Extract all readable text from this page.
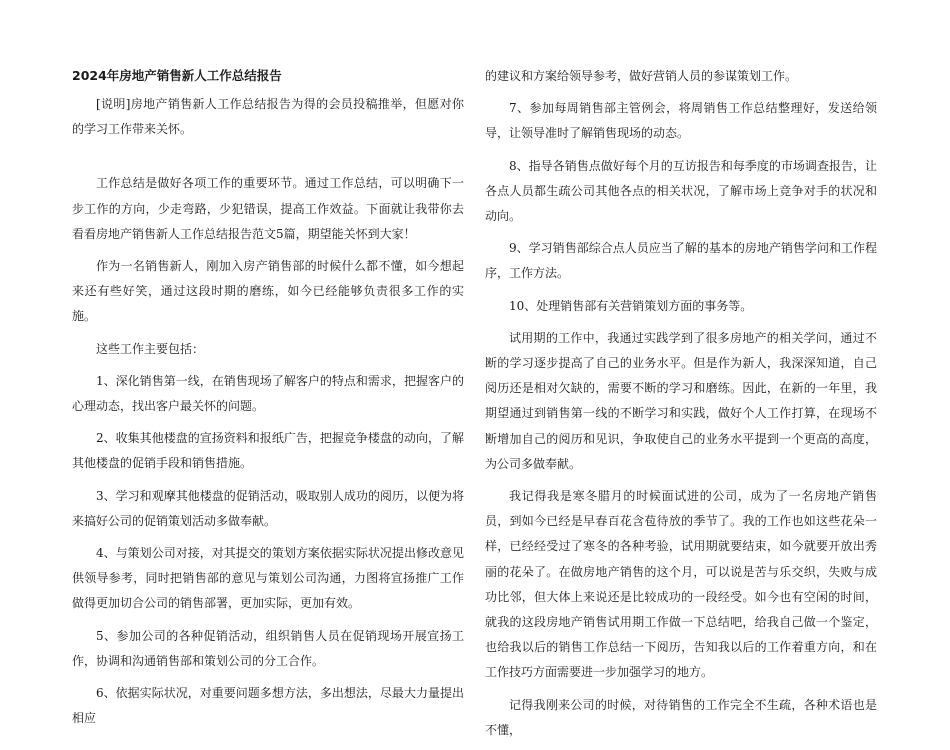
2024年房地产销售新人工作总结报告

[说明]房地产销售新人工作总结报告为得的会员投稿推举，但愿对你的学习工作带来关怀。

工作总结是做好各项工作的重要环节。通过工作总结，可以明确下一步工作的方向，少走弯路，少犯错误，提高工作效益。下面就让我带你去看看房地产销售新人工作总结报告范文5篇，期望能关怀到大家！

作为一名销售新人，刚加入房产销售部的时候什么都不懂，如今想起来还有些好笑，通过这段时期的磨练，如今已经能够负责很多工作的实施。

这些工作主要包括：

1、深化销售第一线，在销售现场了解客户的特点和需求，把握客户的心理动态，找出客户最关怀的问题。

2、收集其他楼盘的宣扬资料和报纸广告，把握竞争楼盘的动向，了解其他楼盘的促销手段和销售措施。

3、学习和观摩其他楼盘的促销活动，吸取别人成功的阅历，以便为将来搞好公司的促销策划活动多做奉献。

4、与策划公司对接，对其提交的策划方案依据实际状况提出修改意见供领导参考，同时把销售部的意见与策划公司沟通，力图将宣扬推广工作做得更加切合公司的销售部署，更加实际，更加有效。

5、参加公司的各种促销活动，组织销售人员在促销现场开展宣扬工作，协调和沟通销售部和策划公司的分工合作。

6、依据实际状况，对重要问题多想方法，多出想法，尽最大力量提出相应

的建议和方案给领导参考，做好营销人员的参谋策划工作。

7、参加每周销售部主管例会，将周销售工作总结整理好，发送给领导，让领导准时了解销售现场的动态。

8、指导各销售点做好每个月的互访报告和每季度的市场调查报告，让各点人员都生疏公司其他各点的相关状况，了解市场上竞争对手的状况和动向。

9、学习销售部综合点人员应当了解的基本的房地产销售学问和工作程序，工作方法。

10、处理销售部有关营销策划方面的事务等。

试用期的工作中，我通过实践学到了很多房地产的相关学问，通过不断的学习逐步提高了自己的业务水平。但是作为新人，我深深知道，自己阅历还是相对欠缺的，需要不断的学习和磨练。因此，在新的一年里，我期望通过到销售第一线的不断学习和实践，做好个人工作打算，在现场不断增加自己的阅历和见识，争取使自己的业务水平提到一个更高的高度，为公司多做奉献。

我记得我是寒冬腊月的时候面试进的公司，成为了一名房地产销售员，到如今已经是早春百花含苞待放的季节了。我的工作也如这些花朵一样，已经经受过了寒冬的各种考验，试用期就要结束，如今就要开放出秀丽的花朵了。在做房地产销售的这个月，可以说是苦与乐交织，失败与成功比邻，但大体上来说还是比较成功的一段经受。如今也有空闲的时间，就我的这段房地产销售试用期工作做一下总结吧，给我自己做一个鉴定，也给我以后的销售工作总结一下阅历，告知我以后的工作着重方向，和在工作技巧方面需要进一步加强学习的地方。

记得我刚来公司的时候，对待销售的工作完全不生疏，各种术语也是不懂，
